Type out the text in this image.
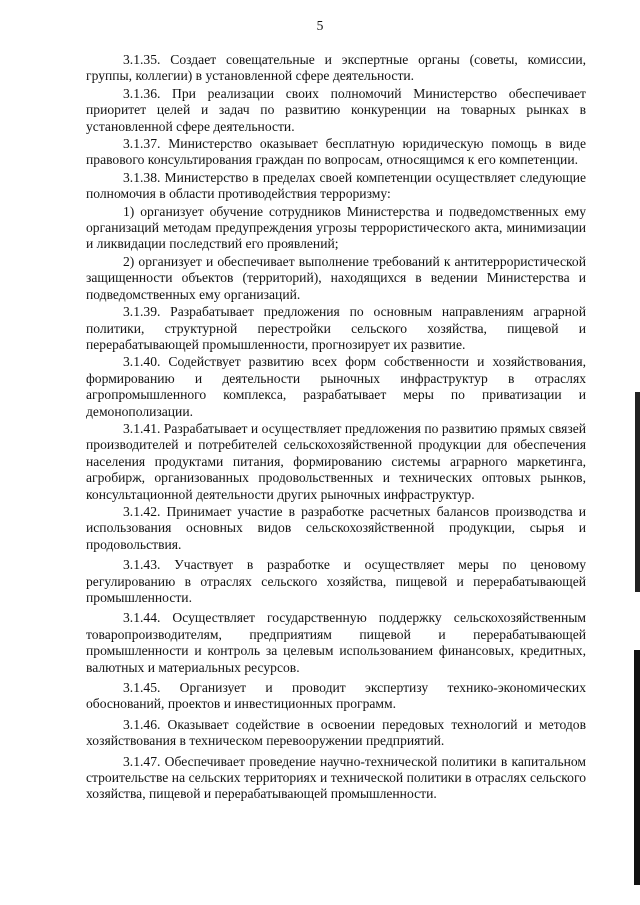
5

3.1.35. Создает совещательные и экспертные органы (советы, комиссии, группы, коллегии) в установленной сфере деятельности.

3.1.36. При реализации своих полномочий Министерство обеспечивает приоритет целей и задач по развитию конкуренции на товарных рынках в установленной сфере деятельности.

3.1.37. Министерство оказывает бесплатную юридическую помощь в виде правового консультирования граждан по вопросам, относящимся к его компетенции.

3.1.38. Министерство в пределах своей компетенции осуществляет следующие полномочия в области противодействия терроризму:

1) организует обучение сотрудников Министерства и подведомственных ему организаций методам предупреждения угрозы террористического акта, минимизации и ликвидации последствий его проявлений;

2) организует и обеспечивает выполнение требований к антитеррористической защищенности объектов (территорий), находящихся в ведении Министерства и подведомственных ему организаций.

3.1.39. Разрабатывает предложения по основным направлениям аграрной политики, структурной перестройки сельского хозяйства, пищевой и перерабатывающей промышленности, прогнозирует их развитие.

3.1.40. Содействует развитию всех форм собственности и хозяйствования, формированию и деятельности рыночных инфраструктур в отраслях агропромышленного комплекса, разрабатывает меры по приватизации и демонополизации.

3.1.41. Разрабатывает и осуществляет предложения по развитию прямых связей производителей и потребителей сельскохозяйственной продукции для обеспечения населения продуктами питания, формированию системы аграрного маркетинга, агробирж, организованных продовольственных и технических оптовых рынков, консультационной деятельности других рыночных инфраструктур.

3.1.42. Принимает участие в разработке расчетных балансов производства и использования основных видов сельскохозяйственной продукции, сырья и продовольствия.

3.1.43. Участвует в разработке и осуществляет меры по ценовому регулированию в отраслях сельского хозяйства, пищевой и перерабатывающей промышленности.

3.1.44. Осуществляет государственную поддержку сельскохозяйственным товаропроизводителям, предприятиям пищевой и перерабатывающей промышленности и контроль за целевым использованием финансовых, кредитных, валютных и материальных ресурсов.

3.1.45. Организует и проводит экспертизу технико-экономических обоснований, проектов и инвестиционных программ.

3.1.46. Оказывает содействие в освоении передовых технологий и методов хозяйствования в техническом перевооружении предприятий.

3.1.47. Обеспечивает проведение научно-технической политики в капитальном строительстве на сельских территориях и технической политики в отраслях сельского хозяйства, пищевой и перерабатывающей промышленности.
